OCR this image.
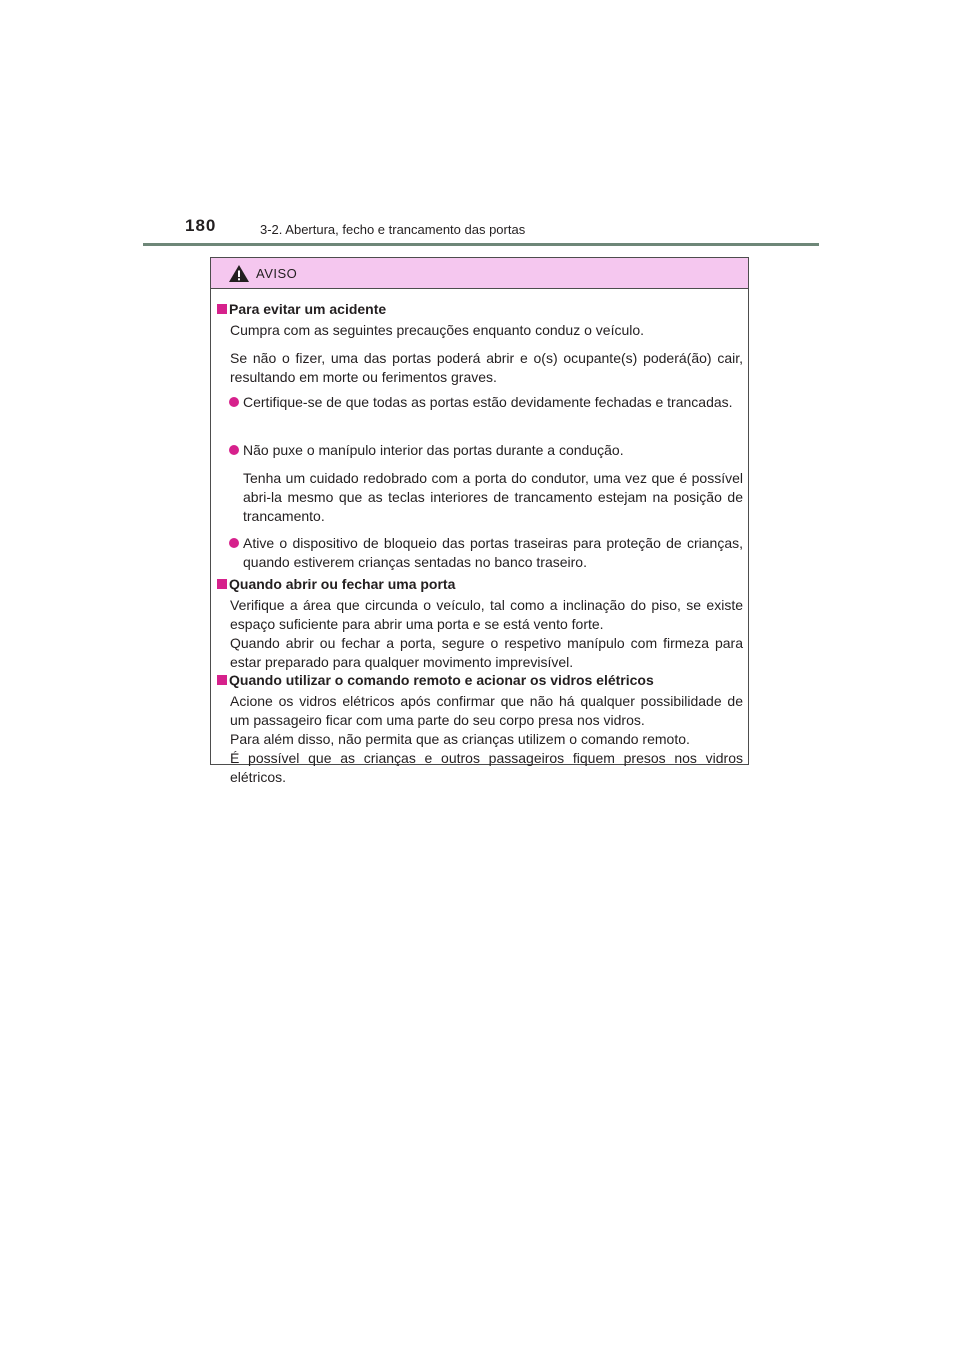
180	3-2. Abertura, fecho e trancamento das portas
AVISO
Para evitar um acidente
Cumpra com as seguintes precauções enquanto conduz o veículo.
Se não o fizer, uma das portas poderá abrir e o(s) ocupante(s) poderá(ão) cair, resultando em morte ou ferimentos graves.
Certifique-se de que todas as portas estão devidamente fechadas e trancadas.
Não puxe o manípulo interior das portas durante a condução.
Tenha um cuidado redobrado com a porta do condutor, uma vez que é possível abri-la mesmo que as teclas interiores de trancamento estejam na posição de trancamento.
Ative o dispositivo de bloqueio das portas traseiras para proteção de crianças, quando estiverem crianças sentadas no banco traseiro.
Quando abrir ou fechar uma porta
Verifique a área que circunda o veículo, tal como a inclinação do piso, se existe espaço suficiente para abrir uma porta e se está vento forte.
Quando abrir ou fechar a porta, segure o respetivo manípulo com firmeza para estar preparado para qualquer movimento imprevisível.
Quando utilizar o comando remoto e acionar os vidros elétricos
Acione os vidros elétricos após confirmar que não há qualquer possibilidade de um passageiro ficar com uma parte do seu corpo presa nos vidros.
Para além disso, não permita que as crianças utilizem o comando remoto.
É possível que as crianças e outros passageiros fiquem presos nos vidros elétricos.
